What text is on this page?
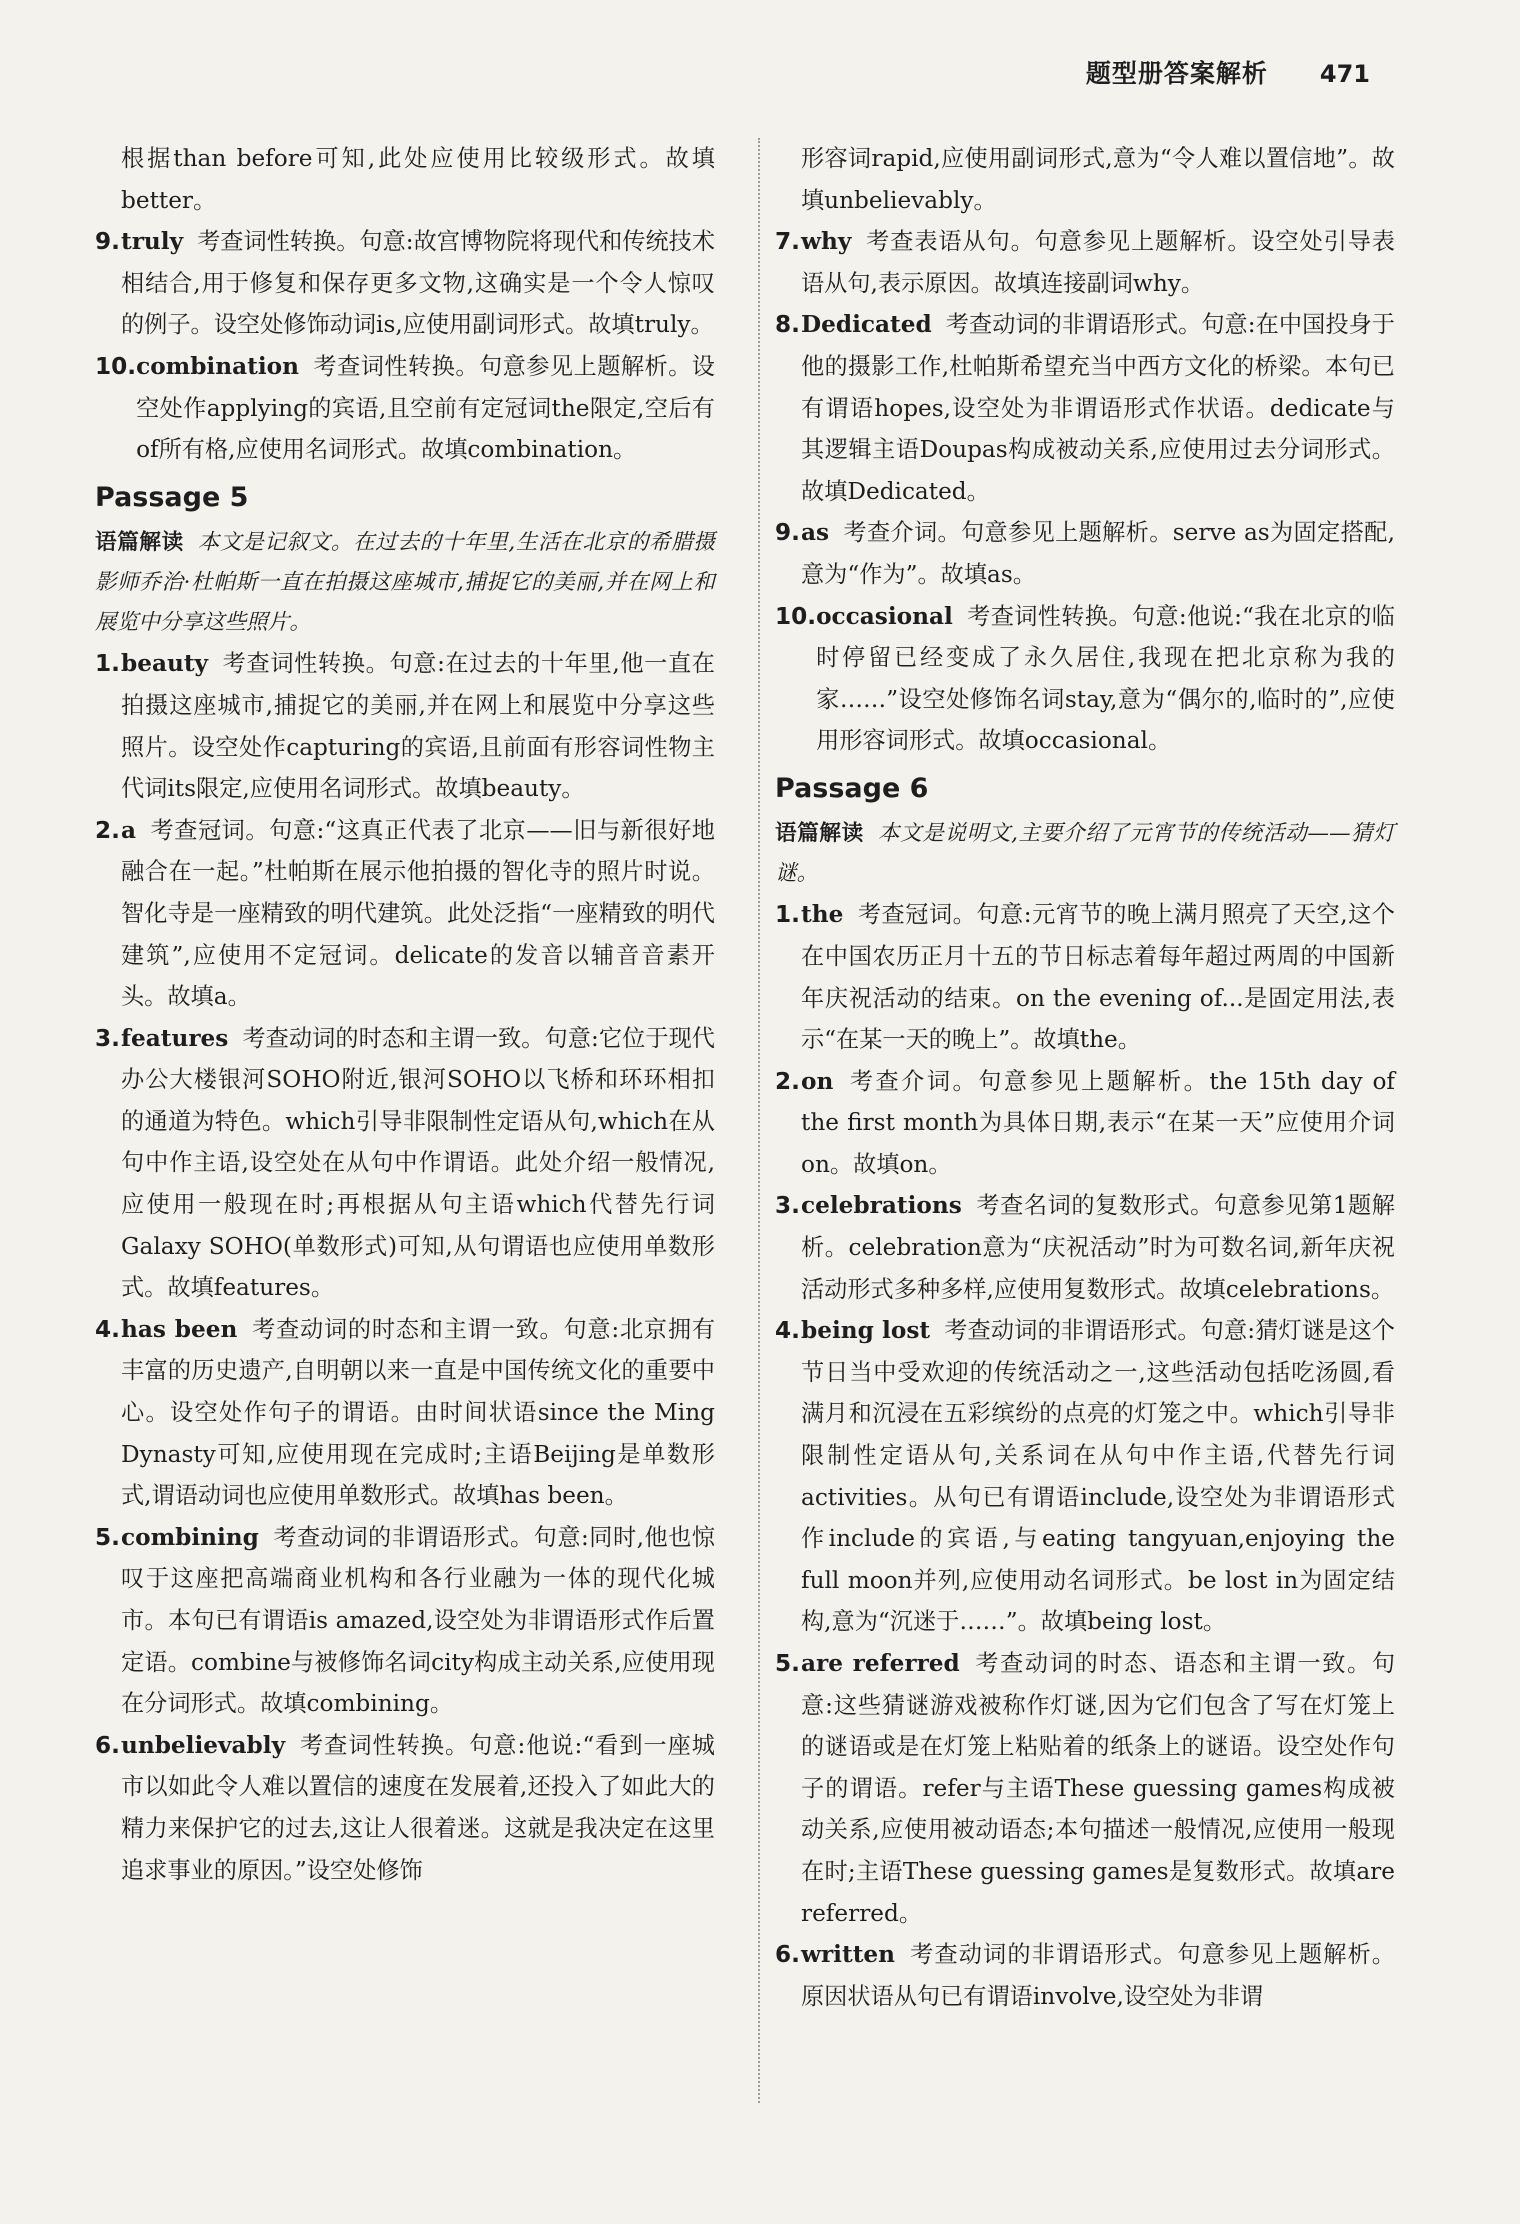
题型册答案解析 471

根据than before可知,此处应使用比较级形式。故填better。

9. truly 考查词性转换。句意:故宫博物院将现代和传统技术相结合,用于修复和保存更多文物,这确实是一个令人惊叹的例子。设空处修饰动词is,应使用副词形式。故填truly。

10. combination 考查词性转换。句意参见上题解析。设空处作applying的宾语,且空前有定冠词the限定,空后有of所有格,应使用名词形式。故填combination。

Passage 5

语篇解读 本文是记叙文。在过去的十年里,生活在北京的希腊摄影师乔治·杜帕斯一直在拍摄这座城市,捕捉它的美丽,并在网上和展览中分享这些照片。

1. beauty 考查词性转换。句意:在过去的十年里,他一直在拍摄这座城市,捕捉它的美丽,并在网上和展览中分享这些照片。设空处作capturing的宾语,且前面有形容词性物主代词its限定,应使用名词形式。故填beauty。

2. a 考查冠词。句意:“这真正代表了北京——旧与新很好地融合在一起。”杜帕斯在展示他拍摄的智化寺的照片时说。智化寺是一座精致的明代建筑。此处泛指“一座精致的明代建筑”,应使用不定冠词。delicate的发音以辅音音素开头。故填a。

3. features 考查动词的时态和主谓一致。句意:它位于现代办公大楼银河SOHO附近,银河SOHO以飞桥和环环相扣的通道为特色。which引导非限制性定语从句,which在从句中作主语,设空处在从句中作谓语。此处介绍一般情况,应使用一般现在时;再根据从句主语which代替先行词Galaxy SOHO(单数形式)可知,从句谓语也应使用单数形式。故填features。

4. has been 考查动词的时态和主谓一致。句意:北京拥有丰富的历史遗产,自明朝以来一直是中国传统文化的重要中心。设空处作句子的谓语。由时间状语since the Ming Dynasty可知,应使用现在完成时;主语Beijing是单数形式,谓语动词也应使用单数形式。故填has been。

5. combining 考查动词的非谓语形式。句意:同时,他也惊叹于这座把高端商业机构和各行业融为一体的现代化城市。本句已有谓语is amazed,设空处为非谓语形式作后置定语。combine与被修饰名词city构成主动关系,应使用现在分词形式。故填combining。

6. unbelievably 考查词性转换。句意:他说:“看到一座城市以如此令人难以置信的速度在发展着,还投入了如此大的精力来保护它的过去,这让人很着迷。这就是我决定在这里追求事业的原因。”设空处修饰

形容词rapid,应使用副词形式,意为“令人难以置信地”。故填unbelievably。

7. why 考查表语从句。句意参见上题解析。设空处引导表语从句,表示原因。故填连接副词why。

8. Dedicated 考查动词的非谓语形式。句意:在中国投身于他的摄影工作,杜帕斯希望充当中西方文化的桥梁。本句已有谓语hopes,设空处为非谓语形式作状语。dedicate与其逻辑主语Doupas构成被动关系,应使用过去分词形式。故填Dedicated。

9. as 考查介词。句意参见上题解析。serve as为固定搭配,意为“作为”。故填as。

10. occasional 考查词性转换。句意:他说:“我在北京的临时停留已经变成了永久居住,我现在把北京称为我的家……”设空处修饰名词stay,意为“偶尔的,临时的”,应使用形容词形式。故填occasional。

Passage 6

语篇解读 本文是说明文,主要介绍了元宵节的传统活动——猜灯谜。

1. the 考查冠词。句意:元宵节的晚上满月照亮了天空,这个在中国农历正月十五的节日标志着每年超过两周的中国新年庆祝活动的结束。on the evening of...是固定用法,表示“在某一天的晚上”。故填the。

2. on 考查介词。句意参见上题解析。the 15th day of the first month为具体日期,表示“在某一天”应使用介词on。故填on。

3. celebrations 考查名词的复数形式。句意参见第1题解析。celebration意为“庆祝活动”时为可数名词,新年庆祝活动形式多种多样,应使用复数形式。故填celebrations。

4. being lost 考查动词的非谓语形式。句意:猜灯谜是这个节日当中受欢迎的传统活动之一,这些活动包括吃汤圆,看满月和沉浸在五彩缤纷的点亮的灯笼之中。which引导非限制性定语从句,关系词在从句中作主语,代替先行词activities。从句已有谓语include,设空处为非谓语形式作include的宾语,与eating tangyuan,enjoying the full moon并列,应使用动名词形式。be lost in为固定结构,意为“沉迷于……”。故填being lost。

5. are referred 考查动词的时态、语态和主谓一致。句意:这些猜谜游戏被称作灯谜,因为它们包含了写在灯笼上的谜语或是在灯笼上粘贴着的纸条上的谜语。设空处作句子的谓语。refer与主语These guessing games构成被动关系,应使用被动语态;本句描述一般情况,应使用一般现在时;主语These guessing games是复数形式。故填are referred。

6. written 考查动词的非谓语形式。句意参见上题解析。原因状语从句已有谓语involve,设空处为非谓
